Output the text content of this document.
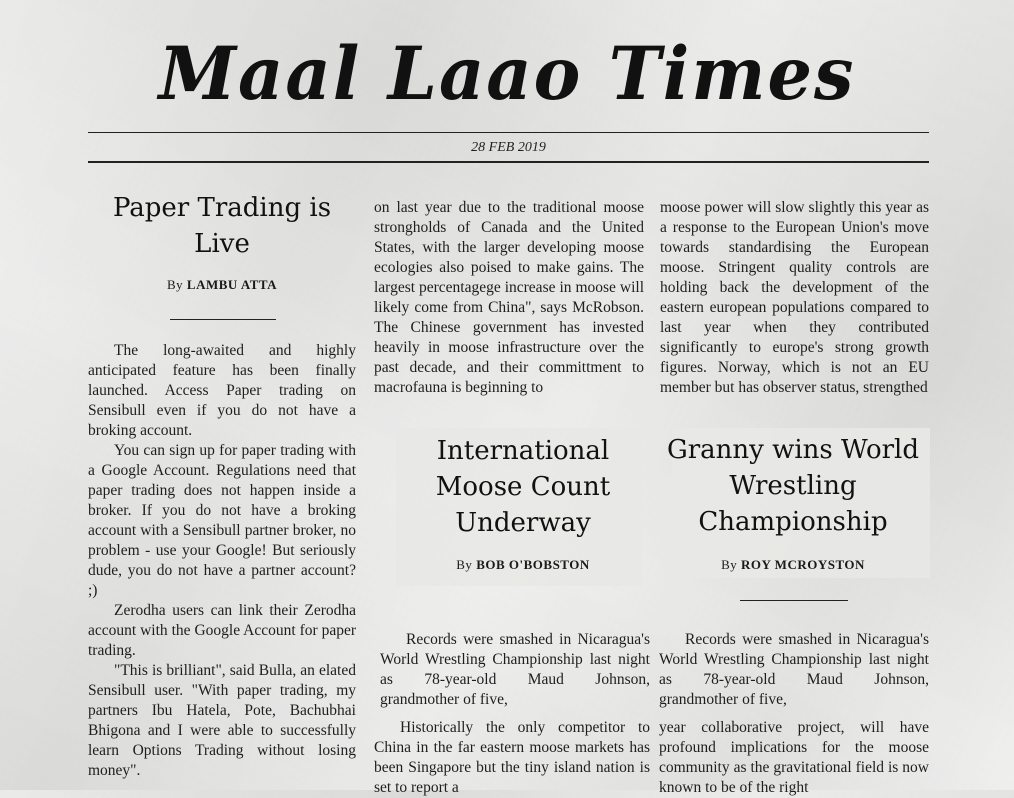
Maal Laao Times
28 FEB 2019
Paper Trading is Live
By LAMBU ATTA

The long-awaited and highly anticipated feature has been finally launched. Access Paper trading on Sensibull even if you do not have a broking account.

You can sign up for paper trading with a Google Account. Regulations need that paper trading does not happen inside a broker. If you do not have a broking account with a Sensibull partner broker, no problem - use your Google! But seriously dude, you do not have a partner account? ;)

Zerodha users can link their Zerodha account with the Google Account for paper trading.

"This is brilliant", said Bulla, an elated Sensibull user. "With paper trading, my partners Ibu Hatela, Pote, Bachubhai Bhigona and I were able to successfully learn Options Trading without losing money".

on last year due to the traditional moose strongholds of Canada and the United States, with the larger developing moose ecologies also poised to make gains. The largest percentagege increase in moose will likely come from China", says McRobson. The Chinese government has invested heavily in moose infrastructure over the past decade, and their committment to macrofauna is beginning to

moose power will slow slightly this year as a response to the European Union's move towards standardising the European moose. Stringent quality controls are holding back the development of the eastern european populations compared to last year when they contributed significantly to europe's strong growth figures. Norway, which is not an EU member but has observer status, strengthed

International Moose Count Underway
By BOB O'BOBSTON
Granny wins World Wrestling Championship
By ROY MCROYSTON

Records were smashed in Nicaragua's World Wrestling Championship last night as 78-year-old Maud Johnson, grandmother of five,

Historically the only competitor to China in the far eastern moose markets has been Singapore but the tiny island nation is set to report a

Records were smashed in Nicaragua's World Wrestling Championship last night as 78-year-old Maud Johnson, grandmother of five,

year collaborative project, will have profound implications for the moose community as the gravitational field is now known to be of the right
